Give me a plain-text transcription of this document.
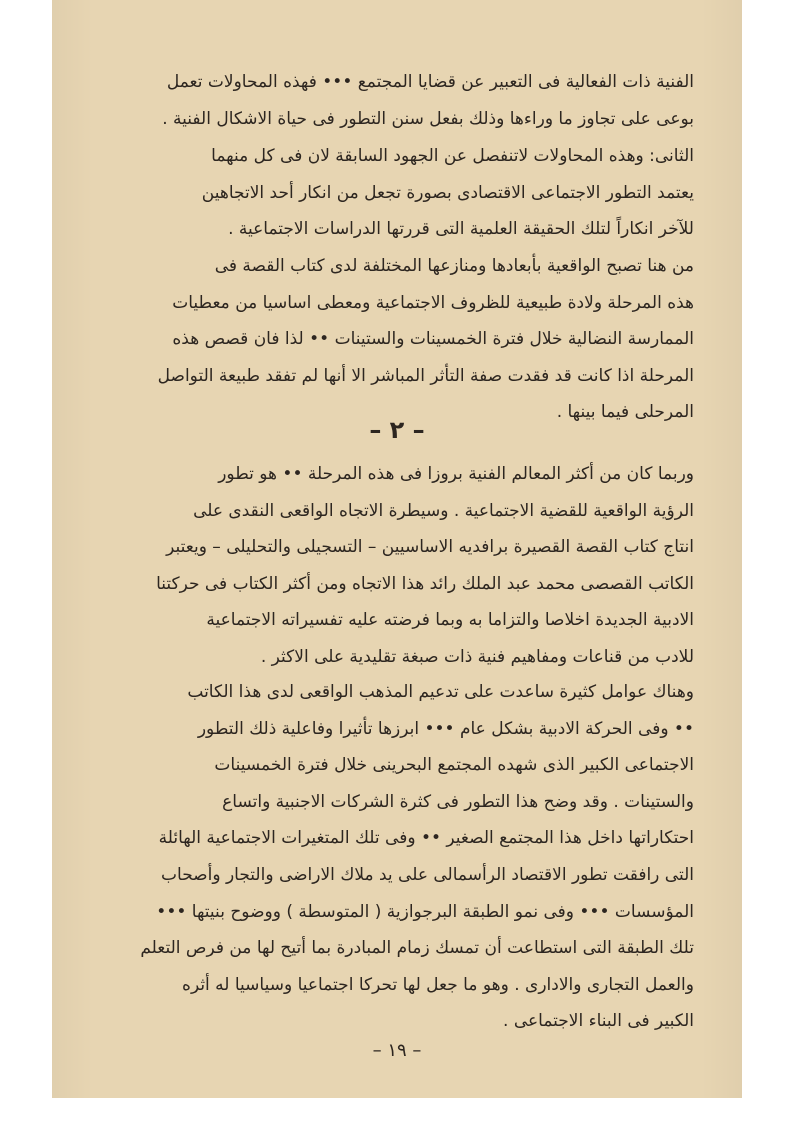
الفنية ذات الفعالية فى التعبير عن قضايا المجتمع ••• فهذه المحاولات تعمل

بوعى على تجاوز ما وراءها وذلك بفعل سنن التطور فى حياة الاشكال الفنية .

الثانى: وهذه المحاولات لاتنفصل عن الجهود السابقة لان فى كل منهما

يعتمد التطور الاجتماعى الاقتصادى بصورة تجعل من انكار أحد الاتجاهين

للآخر انكاراً لتلك الحقيقة العلمية التى قررتها الدراسات الاجتماعية .

من هنا تصبح الواقعية بأبعادها ومنازعها المختلفة لدى كتاب القصة فى

هذه المرحلة ولادة طبيعية للظروف الاجتماعية ومعطى اساسيا من معطيات

الممارسة النضالية خلال فترة الخمسينات والستينات •• لذا فان قصص هذه

المرحلة اذا كانت قد فقدت صفة التأثر المباشر الا أنها لم تفقد طبيعة التواصل

المرحلى فيما بينها .

– ٢ –

وربما كان من أكثر المعالم الفنية بروزا فى هذه المرحلة •• هو تطور

الرؤية الواقعية للقضية الاجتماعية . وسيطرة الاتجاه الواقعى النقدى على

انتاج كتاب القصة القصيرة برافديه الاساسيين – التسجيلى والتحليلى – ويعتبر

الكاتب القصصى محمد عبد الملك رائد هذا الاتجاه ومن أكثر الكتاب فى حركتنا

الادبية الجديدة اخلاصا والتزاما به وبما فرضته عليه تفسيراته الاجتماعية

للادب من قناعات ومفاهيم فنية ذات صبغة تقليدية على الاكثر .

وهناك عوامل كثيرة ساعدت على تدعيم المذهب الواقعى لدى هذا الكاتب

•• وفى الحركة الادبية بشكل عام ••• ابرزها تأثيرا وفاعلية ذلك التطور

الاجتماعى الكبير الذى شهده المجتمع البحرينى خلال فترة الخمسينات

والستينات . وقد وضح هذا التطور فى كثرة الشركات الاجنبية واتساع

احتكاراتها داخل هذا المجتمع الصغير •• وفى تلك المتغيرات الاجتماعية الهائلة

التى رافقت تطور الاقتصاد الرأسمالى على يد ملاك الاراضى والتجار وأصحاب

المؤسسات ••• وفى نمو الطبقة البرجوازية ( المتوسطة ) ووضوح بنيتها •••

تلك الطبقة التى استطاعت أن تمسك زمام المبادرة بما أتيح لها من فرص التعلم

والعمل التجارى والادارى . وهو ما جعل لها تحركا اجتماعيا وسياسيا له أثره

الكبير فى البناء الاجتماعى .

– ١٩ –
